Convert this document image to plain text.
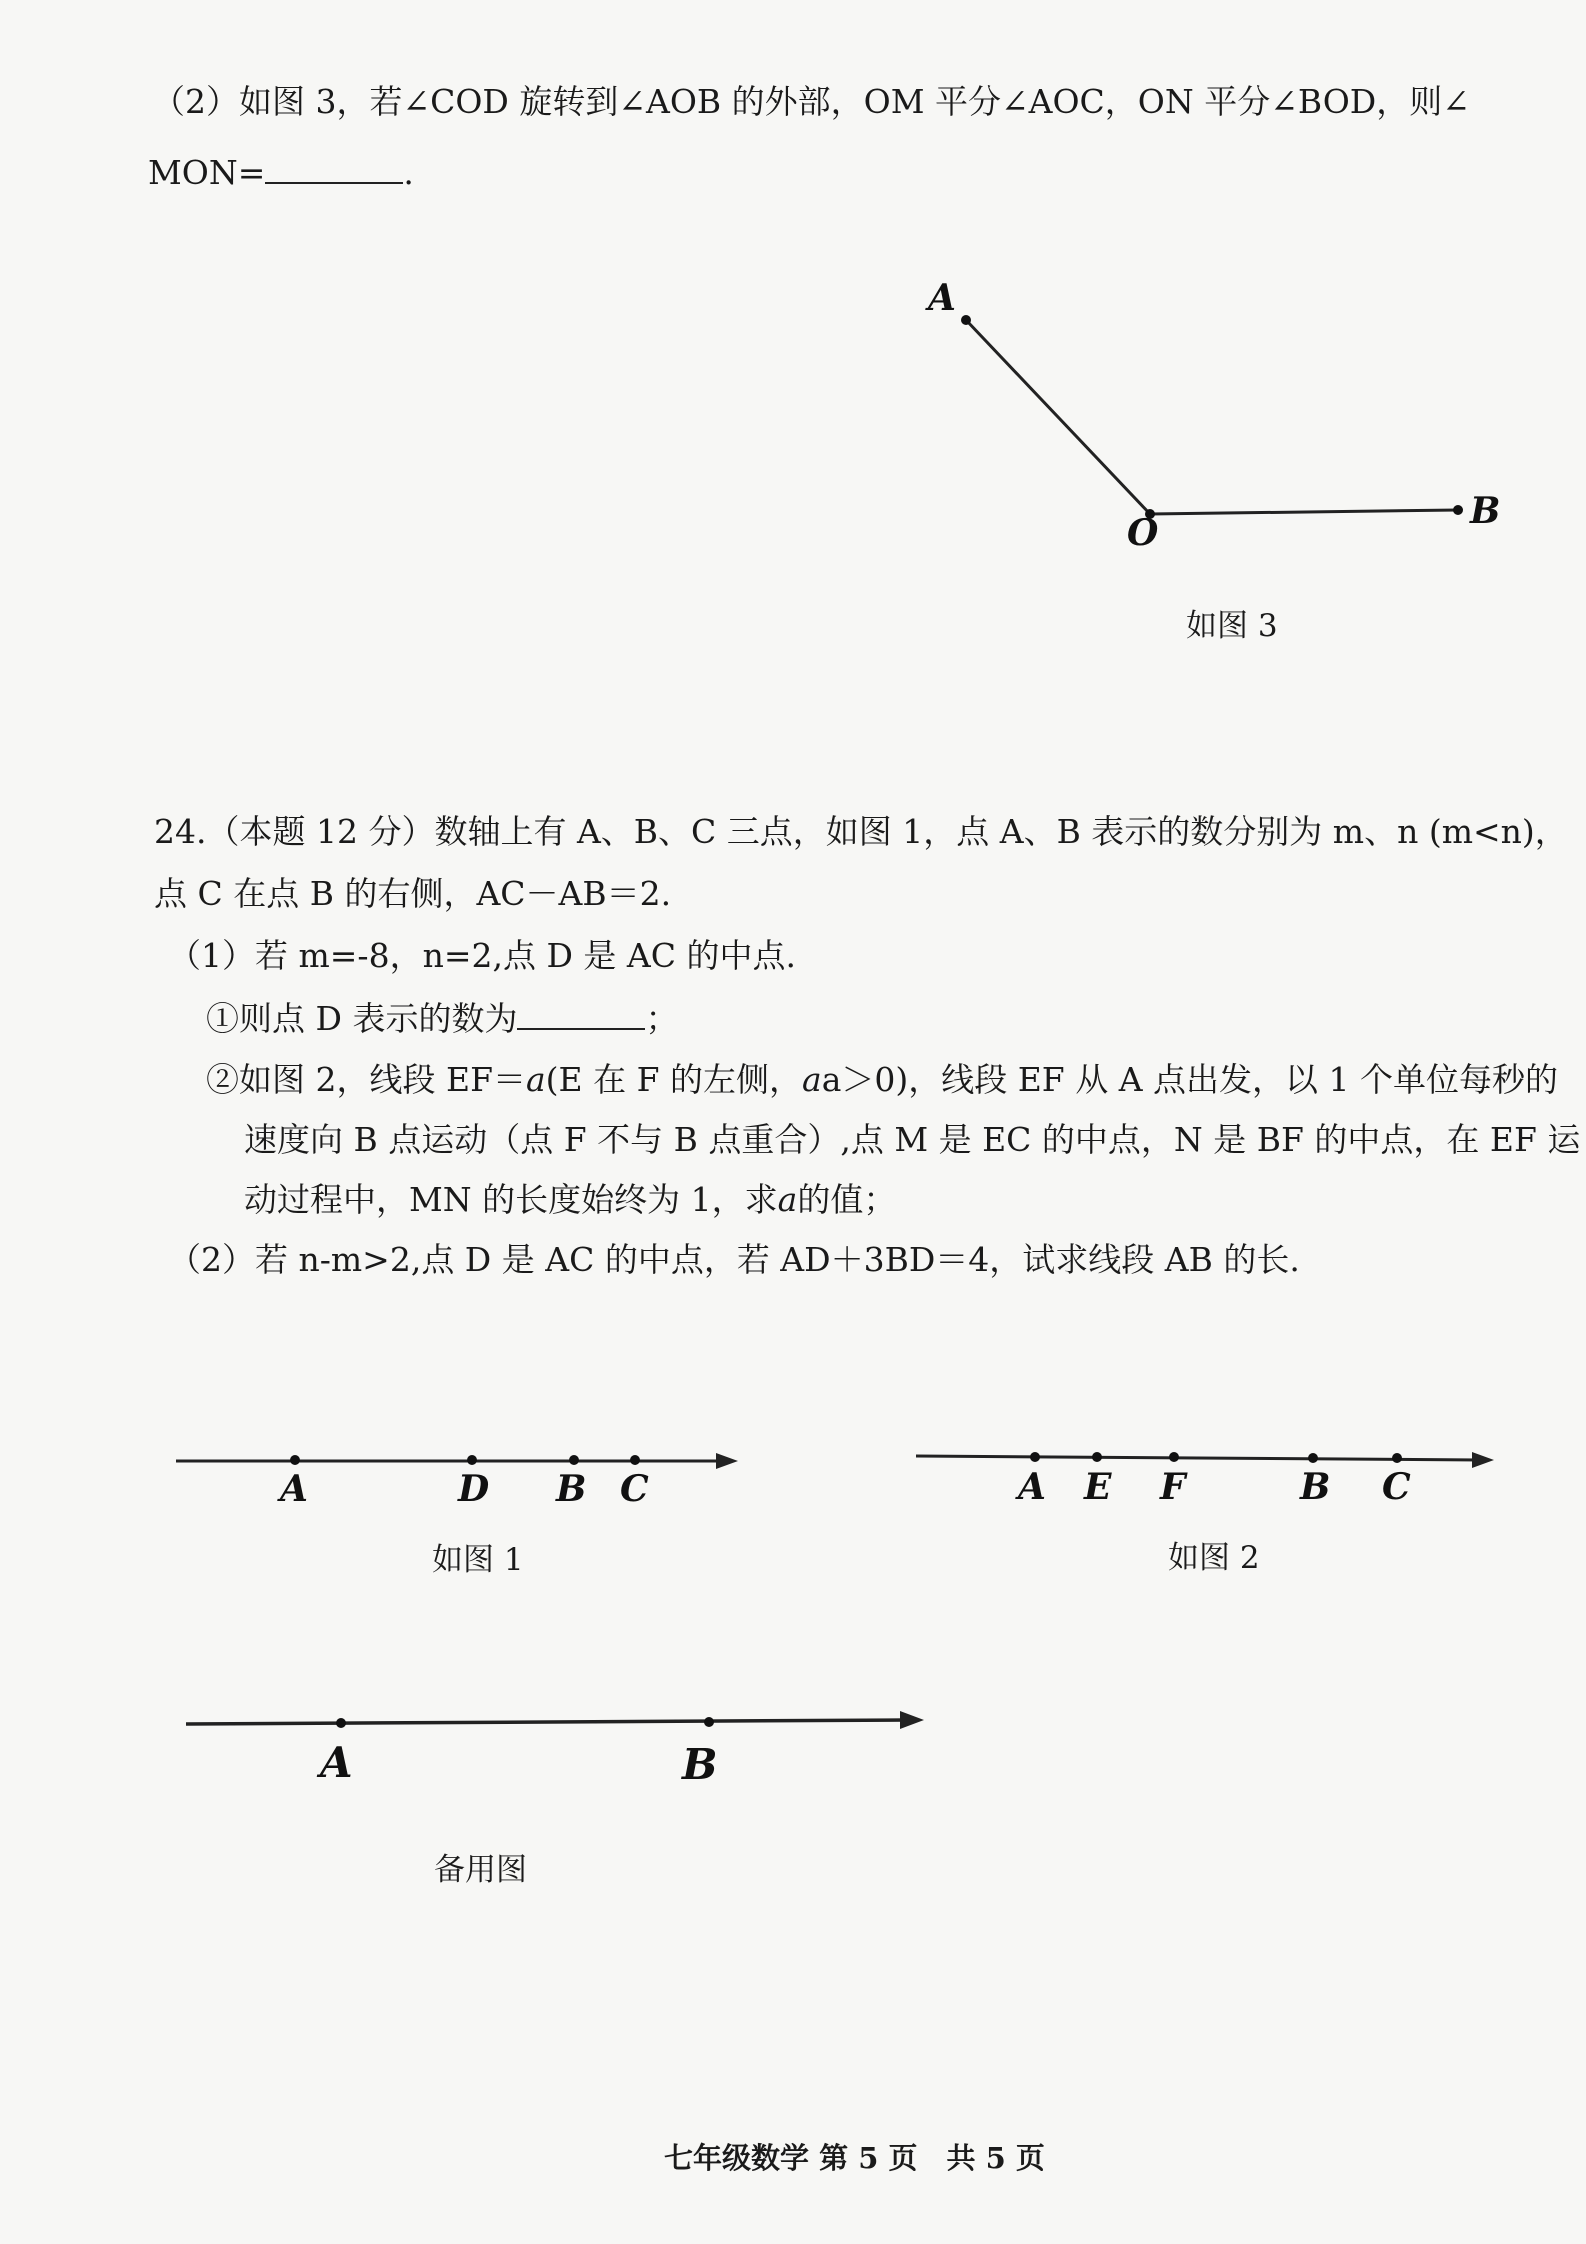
（2）如图 3，若∠COD 旋转到∠AOB 的外部，OM 平分∠AOC，ON 平分∠BOD，则∠
MON=	.
A
O
B
如图 3
24.（本题 12 分）数轴上有 A、B、C 三点，如图 1，点 A、B 表示的数分别为 m、n (m<n)，
点 C 在点 B 的右侧，AC－AB＝2.
（1）若 m=-8，n=2,点 D 是 AC 的中点.
①则点 D 表示的数为	；
②如图 2，线段 EF＝a(E 在 F 的左侧，aa＞0)，线段 EF 从 A 点出发，以 1 个单位每秒的
速度向 B 点运动（点 F 不与 B 点重合）,点 M 是 EC 的中点，N 是 BF 的中点，在 EF 运
动过程中，MN 的长度始终为 1，求a的值；
（2）若 n-m>2,点 D 是 AC 的中点，若 AD＋3BD＝4，试求线段 AB 的长.
A	D B C
如图 1
A E F	B C
如图 2
A	B
备用图
七年级数学 第 5 页　共 5 页
